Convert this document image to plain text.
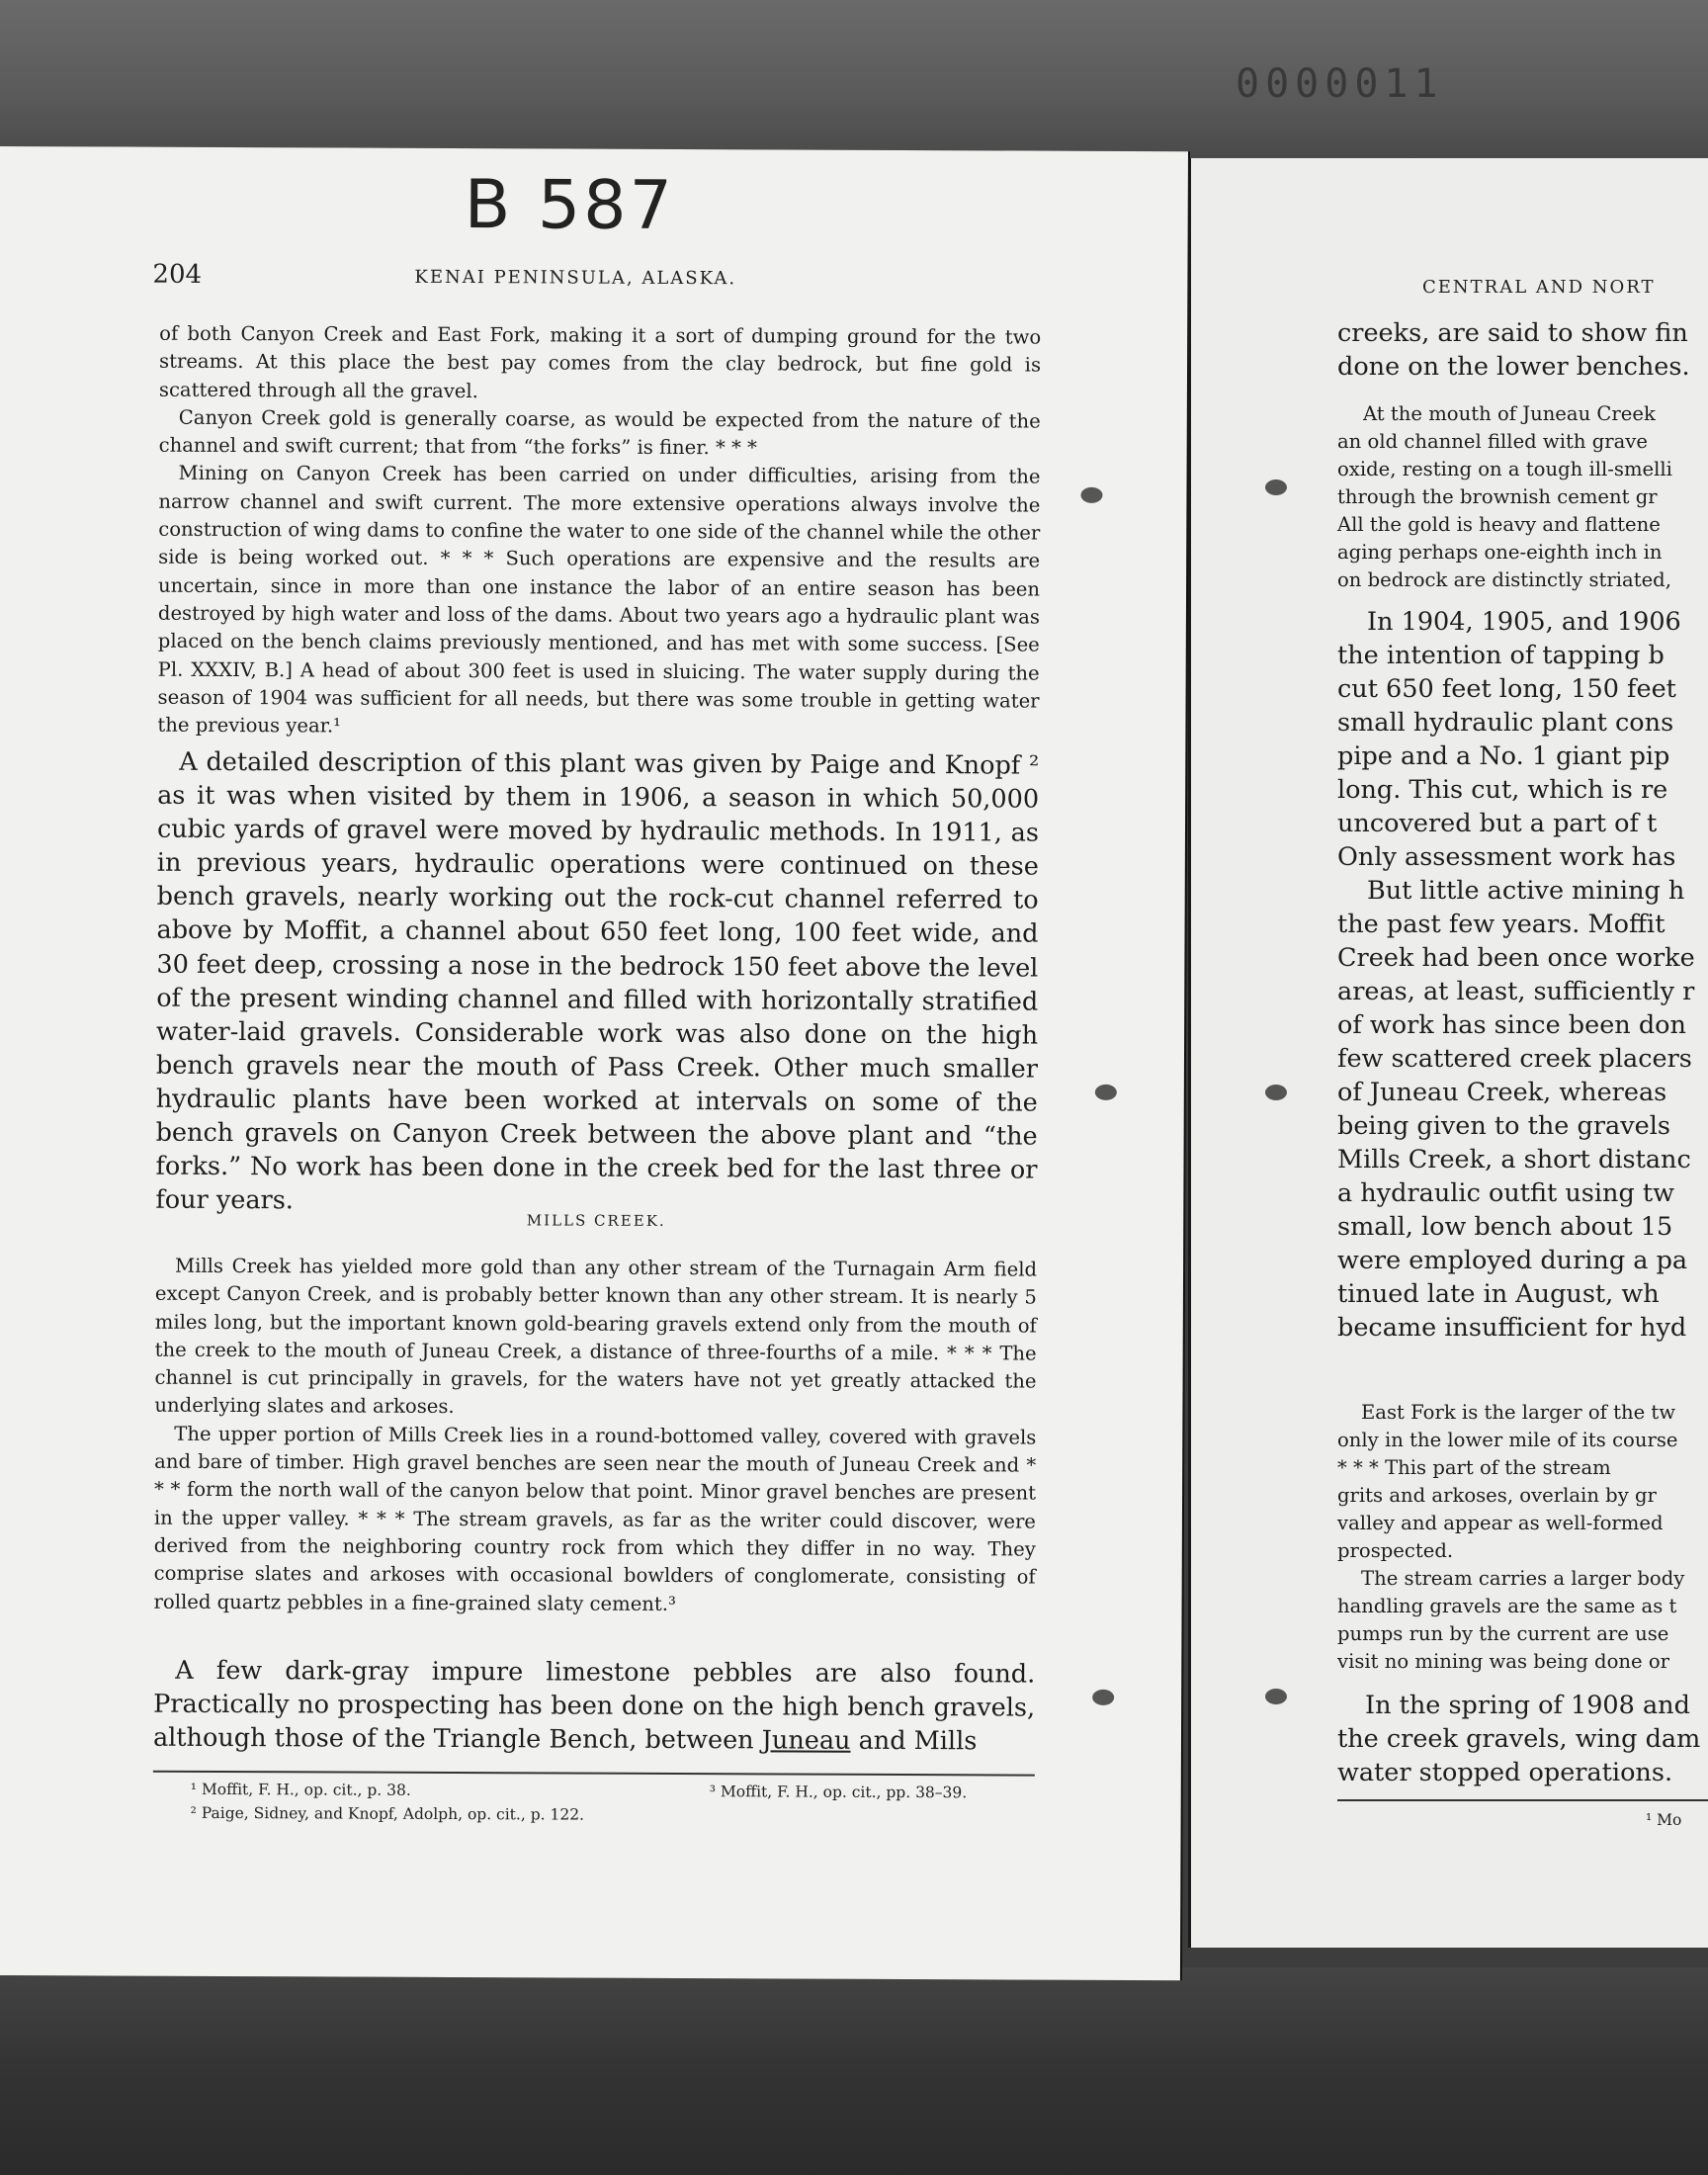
0000011
B 587
204	KENAI PENINSULA, ALASKA.

of both Canyon Creek and East Fork, making it a sort of dumping ground for the two streams. At this place the best pay comes from the clay bedrock, but fine gold is scattered through all the gravel.

Canyon Creek gold is generally coarse, as would be expected from the nature of the channel and swift current; that from “the forks” is finer. * * *

Mining on Canyon Creek has been carried on under difficulties, arising from the narrow channel and swift current. The more extensive operations always involve the construction of wing dams to confine the water to one side of the channel while the other side is being worked out. * * * Such operations are expensive and the results are uncertain, since in more than one instance the labor of an entire season has been destroyed by high water and loss of the dams. About two years ago a hydraulic plant was placed on the bench claims previously mentioned, and has met with some success. [See Pl. XXXIV, B.] A head of about 300 feet is used in sluicing. The water supply during the season of 1904 was sufficient for all needs, but there was some trouble in getting water the previous year.¹

A detailed description of this plant was given by Paige and Knopf ² as it was when visited by them in 1906, a season in which 50,000 cubic yards of gravel were moved by hydraulic methods. In 1911, as in previous years, hydraulic operations were continued on these bench gravels, nearly working out the rock-cut channel referred to above by Moffit, a channel about 650 feet long, 100 feet wide, and 30 feet deep, crossing a nose in the bedrock 150 feet above the level of the present winding channel and filled with horizontally stratified water-laid gravels. Considerable work was also done on the high bench gravels near the mouth of Pass Creek. Other much smaller hydraulic plants have been worked at intervals on some of the bench gravels on Canyon Creek between the above plant and “the forks.” No work has been done in the creek bed for the last three or four years.

MILLS CREEK.

Mills Creek has yielded more gold than any other stream of the Turnagain Arm field except Canyon Creek, and is probably better known than any other stream. It is nearly 5 miles long, but the important known gold-bearing gravels extend only from the mouth of the creek to the mouth of Juneau Creek, a distance of three-fourths of a mile. * * * The channel is cut principally in gravels, for the waters have not yet greatly attacked the underlying slates and arkoses.

The upper portion of Mills Creek lies in a round-bottomed valley, covered with gravels and bare of timber. High gravel benches are seen near the mouth of Juneau Creek and * * * form the north wall of the canyon below that point. Minor gravel benches are present in the upper valley. * * * The stream gravels, as far as the writer could discover, were derived from the neighboring country rock from which they differ in no way. They comprise slates and arkoses with occasional bowlders of conglomerate, consisting of rolled quartz pebbles in a fine-grained slaty cement.³

A few dark-gray impure limestone pebbles are also found. Practically no prospecting has been done on the high bench gravels, although those of the Triangle Bench, between Juneau and Mills

¹ Moffit, F. H., op. cit., p. 38.
² Paige, Sidney, and Knopf, Adolph, op. cit., p. 122.
³ Moffit, F. H., op. cit., pp. 38–39.
CENTRAL AND NORT
creeks, are said to show fin
done on the lower benches.
At the mouth of Juneau Creek
an old channel filled with grave
oxide, resting on a tough ill-smelli
through the brownish cement gr
All the gold is heavy and flattene
aging perhaps one-eighth inch in
on bedrock are distinctly striated,
In 1904, 1905, and 1906
the intention of tapping b
cut 650 feet long, 150 feet
small hydraulic plant cons
pipe and a No. 1 giant pip
long. This cut, which is re
uncovered but a part of t
Only assessment work has
But little active mining h
the past few years. Moffit
Creek had been once worke
areas, at least, sufficiently r
of work has since been don
few scattered creek placers
of Juneau Creek, whereas
being given to the gravels
Mills Creek, a short distanc
a hydraulic outfit using tw
small, low bench about 15
were employed during a pa
tinued late in August, wh
became insufficient for hyd
East Fork is the larger of the tw
only in the lower mile of its course
* * * This part of the stream
grits and arkoses, overlain by gr
valley and appear as well-formed
prospected.
The stream carries a larger body
handling gravels are the same as t
pumps run by the current are use
visit no mining was being done or
In the spring of 1908 and
the creek gravels, wing dam
water stopped operations.
¹ Mo
